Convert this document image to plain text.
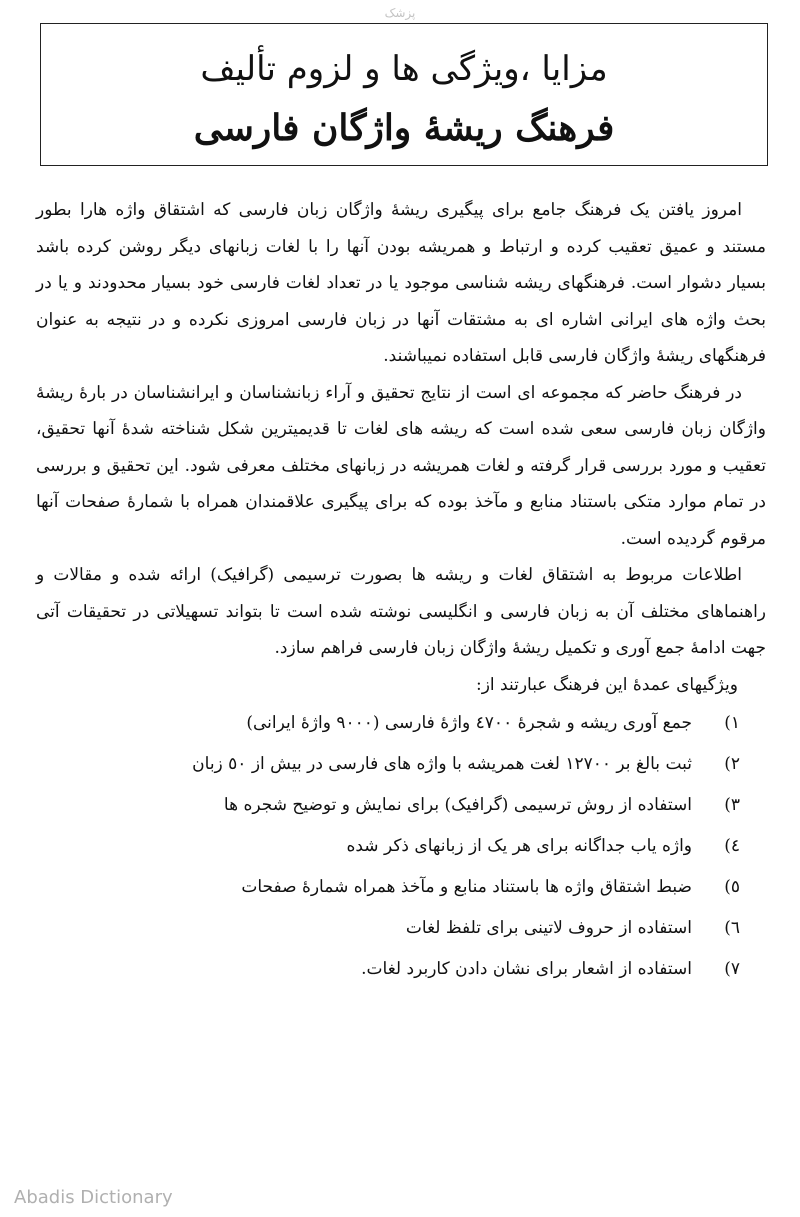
پزشک
مزایا ،ویژگی ها و لزوم تألیف
فرهنگ ریشهٔ واژگان فارسی

امروز یافتن یک فرهنگ جامع برای پیگیری ریشهٔ واژگان زبان فارسی که اشتقاق واژه هارا بطور مستند و عمیق تعقیب کرده و ارتباط و همریشه بودن آنها را با لغات زبانهای دیگر روشن کرده باشد بسیار دشوار است. فرهنگهای ریشه شناسی موجود یا در تعداد لغات فارسی خود بسیار محدودند و یا در بحث واژه های ایرانی اشاره ای به مشتقات آنها در زبان فارسی امروزی نکرده و در نتیجه به عنوان فرهنگهای ریشهٔ واژگان فارسی قابل استفاده نمیباشند.

در فرهنگ حاضر که مجموعه ای است از نتایج تحقیق و آراء زبانشناسان و ایرانشناسان در بارهٔ ریشهٔ واژگان زبان فارسی سعی شده است که ریشه های لغات تا قدیمیترین شکل شناخته شدهٔ آنها تحقیق، تعقیب و مورد بررسی قرار گرفته و لغات همریشه در زبانهای مختلف معرفی شود. این تحقیق و بررسی در تمام موارد متکی باستناد منابع و مآخذ بوده که برای پیگیری علاقمندان همراه با شمارهٔ صفحات آنها مرقوم گردیده است.

اطلاعات مربوط به اشتقاق لغات و ریشه ها بصورت ترسیمی (گرافیک) ارائه شده و مقالات و راهنماهای مختلف آن به زبان فارسی و انگلیسی نوشته شده است تا بتواند تسهیلاتی در تحقیقات آتی جهت ادامهٔ جمع آوری و تکمیل ریشهٔ واژگان زبان فارسی فراهم سازد.

ویژگیهای عمدهٔ این فرهنگ عبارتند از:

۱)جمع آوری ریشه و شجرهٔ ٤٧٠٠ واژهٔ فارسی (٩٠٠٠ واژهٔ ایرانی)
۲)ثبت بالغ بر ١٢٧٠٠ لغت همریشه با واژه های فارسی در بیش از ٥٠ زبان
۳)استفاده از روش ترسیمی (گرافیک) برای نمایش و توضیح شجره ها
٤)واژه یاب جداگانه برای هر یک از زبانهای ذکر شده
٥)ضبط اشتقاق واژه ها باستناد منابع و مآخذ همراه شمارهٔ صفحات
٦)استفاده از حروف لاتینی برای تلفظ لغات
٧)استفاده از اشعار برای نشان دادن کاربرد لغات.
Abadis Dictionary
